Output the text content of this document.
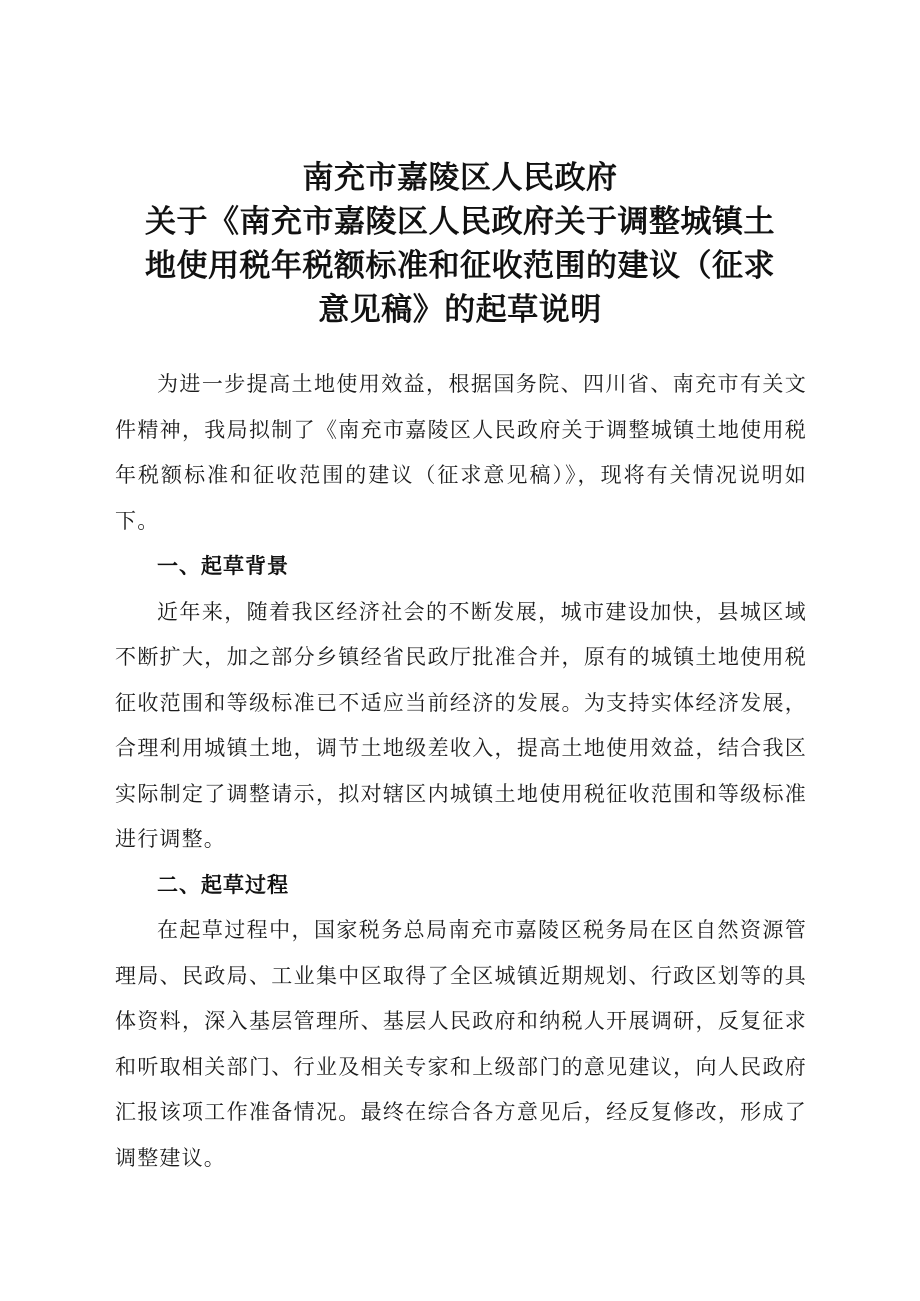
南充市嘉陵区人民政府
关于《南充市嘉陵区人民政府关于调整城镇土
地使用税年税额标准和征收范围的建议（征求
意见稿》的起草说明

为进一步提高土地使用效益，根据国务院、四川省、南充市有关文件精神，我局拟制了《南充市嘉陵区人民政府关于调整城镇土地使用税年税额标准和征收范围的建议（征求意见稿）》，现将有关情况说明如下。

一、起草背景

近年来，随着我区经济社会的不断发展，城市建设加快，县城区域不断扩大，加之部分乡镇经省民政厅批准合并，原有的城镇土地使用税征收范围和等级标准已不适应当前经济的发展。为支持实体经济发展，合理利用城镇土地，调节土地级差收入，提高土地使用效益，结合我区实际制定了调整请示，拟对辖区内城镇土地使用税征收范围和等级标准进行调整。

二、起草过程

在起草过程中，国家税务总局南充市嘉陵区税务局在区自然资源管理局、民政局、工业集中区取得了全区城镇近期规划、行政区划等的具体资料，深入基层管理所、基层人民政府和纳税人开展调研，反复征求和听取相关部门、行业及相关专家和上级部门的意见建议，向人民政府汇报该项工作准备情况。最终在综合各方意见后，经反复修改，形成了调整建议。
